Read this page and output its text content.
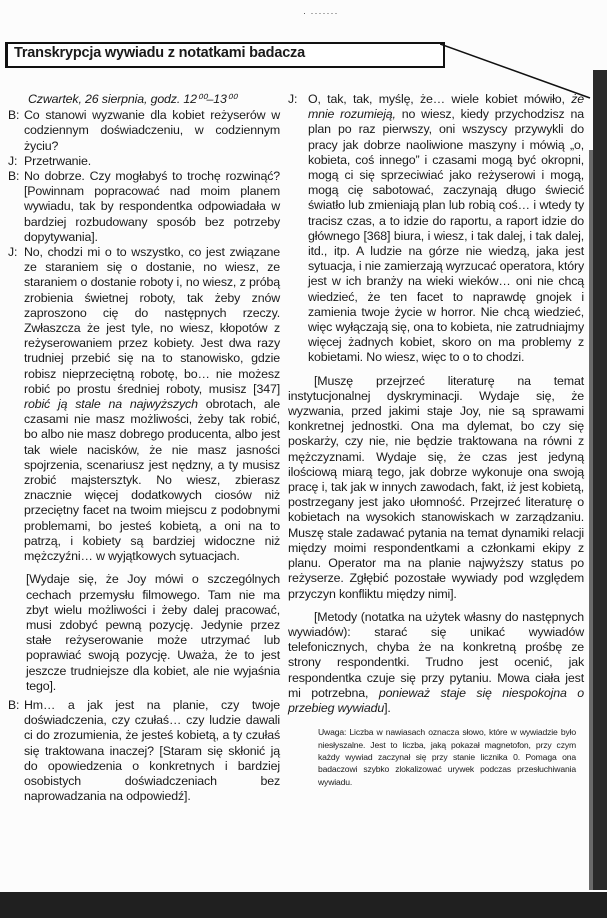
· ·······
Transkrypcja wywiadu z notatkami badacza
Czwartek, 26 sierpnia, godz. 12⁰⁰–13⁰⁰
B: Co stanowi wyzwanie dla kobiet reżyserów w codziennym doświadczeniu, w codziennym życiu?
J: Przetrwanie.
B: No dobrze. Czy mogłabyś to trochę rozwinąć? [Powinnam popracować nad moim planem wywiadu, tak by respondentka odpowiadała w bardziej rozbudowany sposób bez potrzeby dopytywania].
J: No, chodzi mi o to wszystko, co jest związane ze staraniem się o dostanie, no wiesz, ze staraniem o dostanie roboty i, no wiesz, z próbą zrobienia świetnej roboty, tak żeby znów zaproszono cię do następnych rzeczy. Zwłaszcza że jest tyle, no wiesz, kłopotów z reżyserowaniem przez kobiety. Jest dwa razy trudniej przebić się na to stanowisko, gdzie robisz nieprzeciętną robotę, bo… nie możesz robić po prostu średniej roboty, musisz [347] robić ją stale na najwyższych obrotach, ale czasami nie masz możliwości, żeby tak robić, bo albo nie masz dobrego producenta, albo jest tak wiele nacisków, że nie masz jasności spojrzenia, scenariusz jest nędzny, a ty musisz zrobić majstersztyk. No wiesz, zbierasz znacznie więcej dodatkowych ciosów niż przeciętny facet na twoim miejscu z podobnymi problemami, bo jesteś kobietą, a oni na to patrzą, i kobiety są bardziej widoczne niż mężczyźni… w wyjątkowych sytuacjach.
[Wydaje się, że Joy mówi o szczególnych cechach przemysłu filmowego. Tam nie ma zbyt wielu możliwości i żeby dalej pracować, musi zdobyć pewną pozycję. Jedynie przez stałe reżyserowanie może utrzymać lub poprawiać swoją pozycję. Uważa, że to jest jeszcze trudniejsze dla kobiet, ale nie wyjaśnia tego].
B: Hm… a jak jest na planie, czy twoje doświadczenia, czy czułaś… czy ludzie dawali ci do zrozumienia, że jesteś kobietą, a ty czułaś się traktowana inaczej? [Staram się skłonić ją do opowiedzenia o konkretnych i bardziej osobistych doświadczeniach bez naprowadzania na odpowiedź].
J: O, tak, tak, myślę, że… wiele kobiet mówiło, że mnie rozumieją, no wiesz, kiedy przychodzisz na plan po raz pierwszy, oni wszyscy przywykli do pracy jak dobrze naoliwione maszyny i mówią „o, kobieta, coś innego” i czasami mogą być okropni, mogą ci się sprzeciwiać jako reżyserowi i mogą, mogą cię sabotować, zaczynają długo świecić światło lub zmieniają plan lub robią coś… i wtedy ty tracisz czas, a to idzie do raportu, a raport idzie do głównego [368] biura, i wiesz, i tak dalej, i tak dalej, itd., itp. A ludzie na górze nie wiedzą, jaka jest sytuacja, i nie zamierzają wyrzucać operatora, który jest w ich branży na wieki wieków… oni nie chcą wiedzieć, że ten facet to naprawdę gnojek i zamienia twoje życie w horror. Nie chcą wiedzieć, więc wyłączają się, ona to kobieta, nie zatrudniajmy więcej żadnych kobiet, skoro on ma problemy z kobietami. No wiesz, więc to o to chodzi.
[Muszę przejrzeć literaturę na temat instytucjonalnej dyskryminacji. Wydaje się, że wyzwania, przed jakimi staje Joy, nie są sprawami konkretnej jednostki. Ona ma dylemat, bo czy się poskarży, czy nie, nie będzie traktowana na równi z mężczyznami. Wydaje się, że czas jest jedyną ilościową miarą tego, jak dobrze wykonuje ona swoją pracę i, tak jak w innych zawodach, fakt, iż jest kobietą, postrzegany jest jako ułomność. Przejrzeć literaturę o kobietach na wysokich stanowiskach w zarządzaniu. Muszę stale zadawać pytania na temat dynamiki relacji między moimi respondentkami a członkami ekipy z planu. Operator ma na planie najwyższy status po reżyserze. Zgłębić pozostałe wywiady pod względem przyczyn konfliktu między nimi].
[Metody (notatka na użytek własny do następnych wywiadów): starać się unikać wywiadów telefonicznych, chyba że na konkretną prośbę ze strony respondentki. Trudno jest ocenić, jak respondentka czuje się przy pytaniu. Mowa ciała jest mi potrzebna, ponieważ staje się niespokojna o przebieg wywiadu].
Uwaga: Liczba w nawiasach oznacza słowo, które w wywiadzie było niesłyszalne. Jest to liczba, jaką pokazał magnetofon, przy czym każdy wywiad zaczynał się przy stanie licznika 0. Pomaga ona badaczowi szybko zlokalizować urywek podczas przesłuchiwania wywiadu.
